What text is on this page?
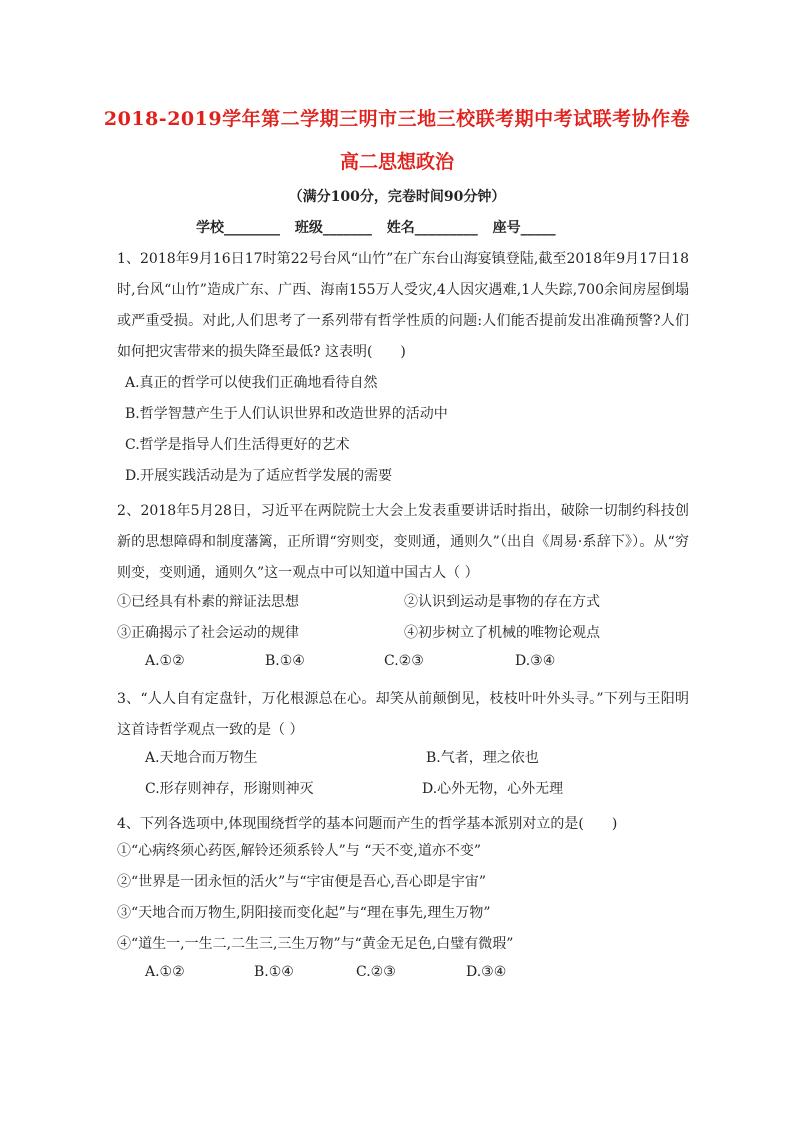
2018-2019学年第二学期三明市三地三校联考期中考试联考协作卷
高二思想政治
（满分100分，完卷时间90分钟）
学校________ 班级_______ 姓名_________ 座号_____
1、2018年9月16日17时第22号台风“山竹”在广东台山海宴镇登陆,截至2018年9月17日18时,台风“山竹”造成广东、广西、海南155万人受灾,4人因灾遇难,1人失踪,700余间房屋倒塌或严重受损。对此,人们思考了一系列带有哲学性质的问题:人们能否提前发出准确预警?人们如何把灾害带来的损失降至最低? 这表明(　　)
A.真正的哲学可以使我们正确地看待自然
B.哲学智慧产生于人们认识世界和改造世界的活动中
C.哲学是指导人们生活得更好的艺术
D.开展实践活动是为了适应哲学发展的需要
2、2018年5月28日，习近平在两院院士大会上发表重要讲话时指出，破除一切制约科技创新的思想障碍和制度藩篱，正所谓“穷则变，变则通，通则久”（出自《周易·系辞下》）。从“穷则变，变则通，通则久”这一观点中可以知道中国古人（ ）
①已经具有朴素的辩证法思想	②认识到运动是事物的存在方式
③正确揭示了社会运动的规律	④初步树立了机械的唯物论观点
A.①②	B.①④	C.②③	D.③④
3、“人人自有定盘针，万化根源总在心。却笑从前颠倒见，枝枝叶叶外头寻。”下列与王阳明这首诗哲学观点一致的是（ ）
A.天地合而万物生	B.气者，理之依也
C.形存则神存，形谢则神灭	D.心外无物，心外无理
4、下列各选项中,体现围绕哲学的基本问题而产生的哲学基本派别对立的是(　　)
①“心病终须心药医,解铃还须系铃人”与 “天不变,道亦不变”
②“世界是一团永恒的活火”与“宇宙便是吾心,吾心即是宇宙”
③“天地合而万物生,阴阳接而变化起”与“理在事先,理生万物”
④“道生一,一生二,二生三,三生万物”与“黄金无足色,白璧有微瑕”
A.①②	B.①④	C.②③	D.③④
